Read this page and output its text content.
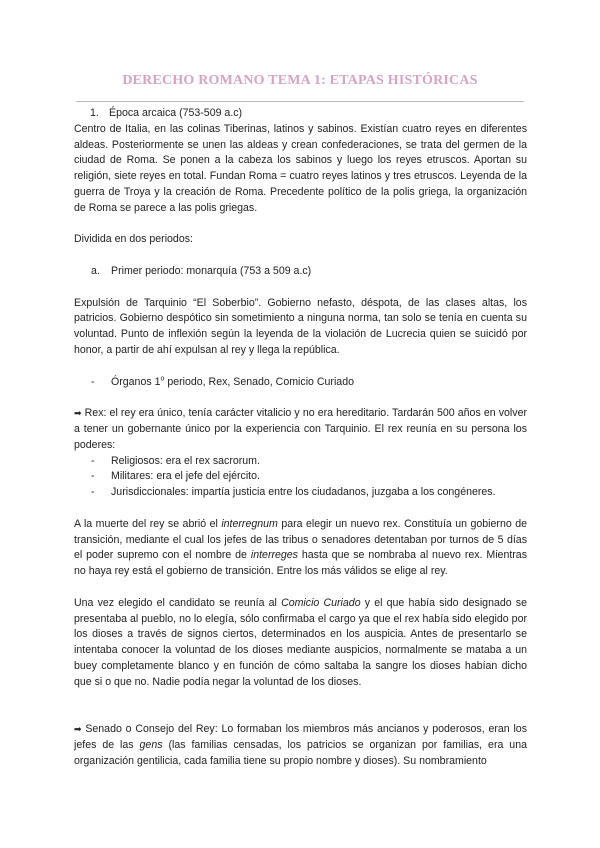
DERECHO ROMANO TEMA 1: ETAPAS HISTÓRICAS

1. Época arcaica (753-509 a.c)

Centro de Italia, en las colinas Tiberinas, latinos y sabinos. Existían cuatro reyes en diferentes aldeas. Posteriormente se unen las aldeas y crean confederaciones, se trata del germen de la ciudad de Roma. Se ponen a la cabeza los sabinos y luego los reyes etruscos. Aportan su religión, siete reyes en total. Fundan Roma = cuatro reyes latinos y tres etruscos. Leyenda de la guerra de Troya y la creación de Roma. Precedente político de la polis griega, la organización de Roma se parece a las polis griegas.

Dividida en dos periodos:

a. Primer periodo: monarquía (753 a 509 a.c)

Expulsión de Tarquinio “El Soberbio”. Gobierno nefasto, déspota, de las clases altas, los patricios. Gobierno despótico sin sometimiento a ninguna norma, tan solo se tenía en cuenta su voluntad. Punto de inflexión según la leyenda de la violación de Lucrecia quien se suicidó por honor, a partir de ahí expulsan al rey y llega la república.

- Órganos 1$^o$ periodo, Rex, Senado, Comicio Curiado

➡ Rex: el rey era único, tenía carácter vitalicio y no era hereditario. Tardarán 500 años en volver a tener un gobernante único por la experiencia con Tarquinio. El rex reunía en su persona los poderes:

- Religiosos: era el rex sacrorum.

- Militares: era el jefe del ejército.

- Jurisdiccionales: impartía justicia entre los ciudadanos, juzgaba a los congéneres.

A la muerte del rey se abrió el interregnum para elegir un nuevo rex. Constituía un gobierno de transición, mediante el cual los jefes de las tribus o senadores detentaban por turnos de 5 días el poder supremo con el nombre de interreges hasta que se nombraba al nuevo rex. Mientras no haya rey está el gobierno de transición. Entre los más válidos se elige al rey.

Una vez elegido el candidato se reunía al Comicio Curiado y el que había sido designado se presentaba al pueblo, no lo elegía, sólo confirmaba el cargo ya que el rex había sido elegido por los dioses a través de signos ciertos, determinados en los auspicia. Antes de presentarlo se intentaba conocer la voluntad de los dioses mediante auspicios, normalmente se mataba a un buey completamente blanco y en función de cómo saltaba la sangre los dioses habían dicho que si o que no. Nadie podía negar la voluntad de los dioses.

➡ Senado o Consejo del Rey: Lo formaban los miembros más ancianos y poderosos, eran los jefes de las gens (las familias censadas, los patricios se organizan por familias, era una organización gentilicia, cada familia tiene su propio nombre y dioses). Su nombramiento
